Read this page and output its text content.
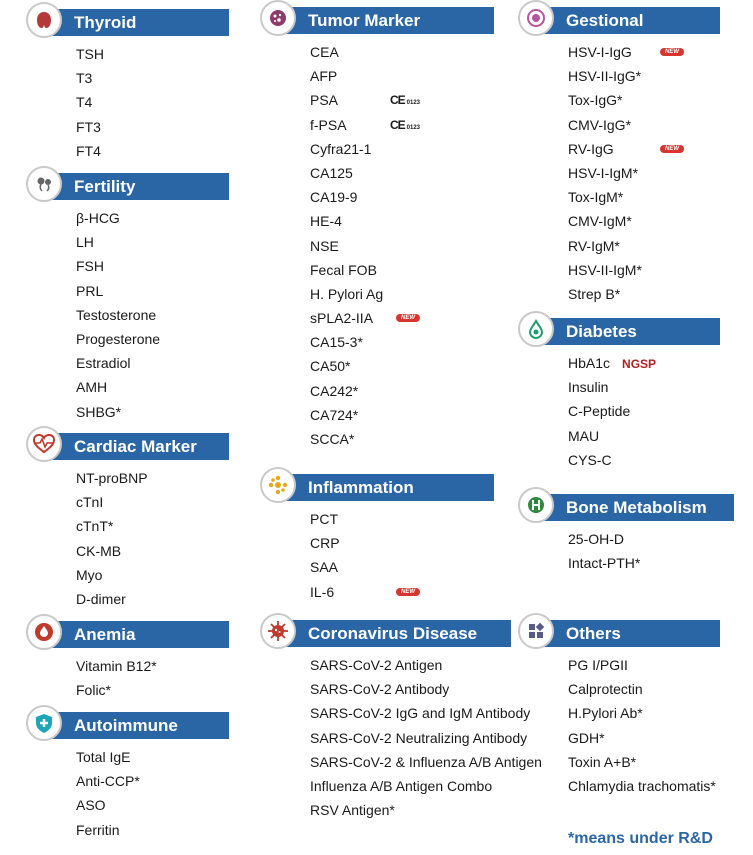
Thyroid
TSH
T3
T4
FT3
FT4
Fertility
β-HCG
LH
FSH
PRL
Testosterone
Progesterone
Estradiol
AMH
SHBG*
Cardiac Marker
NT-proBNP
cTnI
cTnT*
CK-MB
Myo
D-dimer
Anemia
Vitamin B12*
Folic*
Autoimmune
Total IgE
Anti-CCP*
ASO
Ferritin
Tumor Marker
CEA
AFP
PSA	CE 0123
f-PSA	CE 0123
Cyfra21-1
CA125
CA19-9
HE-4
NSE
Fecal FOB
H. Pylori Ag
sPLA2-IIA	NEW
CA15-3*
CA50*
CA242*
CA724*
SCCA*
Inflammation
PCT
CRP
SAA
IL-6	NEW
Coronavirus Disease
SARS-CoV-2 Antigen
SARS-CoV-2 Antibody
SARS-CoV-2 IgG and IgM Antibody
SARS-CoV-2 Neutralizing Antibody
SARS-CoV-2 & Influenza A/B Antigen
Influenza A/B Antigen Combo
RSV Antigen*
Gestional
HSV-I-IgG	NEW
HSV-II-IgG*
Tox-IgG*
CMV-IgG*
RV-IgG	NEW
HSV-I-IgM*
Tox-IgM*
CMV-IgM*
RV-IgM*
HSV-II-IgM*
Strep B*
Diabetes
HbA1c NGSP
Insulin
C-Peptide
MAU
CYS-C
Bone Metabolism
25-OH-D
Intact-PTH*
Others
PG I/PGII
Calprotectin
H.Pylori Ab*
GDH*
Toxin A+B*
Chlamydia trachomatis*
*means under R&D
